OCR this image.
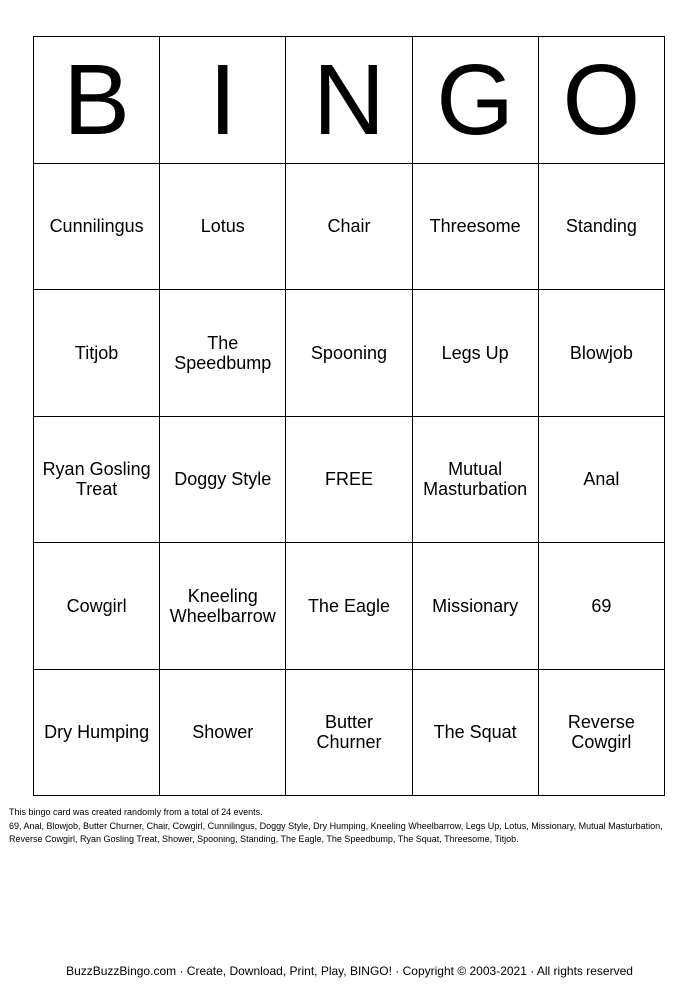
B	I	N	G	O
Cunnilingus	Lotus	Chair	Threesome	Standing
Titjob	The Speedbump	Spooning	Legs Up	Blowjob
Ryan Gosling Treat	Doggy Style	FREE	Mutual Masturbation	Anal
Cowgirl	Kneeling Wheelbarrow	The Eagle	Missionary	69
Dry Humping	Shower	Butter Churner	The Squat	Reverse Cowgirl

This bingo card was created randomly from a total of 24 events.

69, Anal, Blowjob, Butter Churner, Chair, Cowgirl, Cunnilingus, Doggy Style, Dry Humping, Kneeling Wheelbarrow, Legs Up, Lotus, Missionary, Mutual Masturbation, Reverse Cowgirl, Ryan Gosling Treat, Shower, Spooning, Standing, The Eagle, The Speedbump, The Squat, Threesome, Titjob.

BuzzBuzzBingo.com · Create, Download, Print, Play, BINGO! · Copyright © 2003-2021 · All rights reserved
